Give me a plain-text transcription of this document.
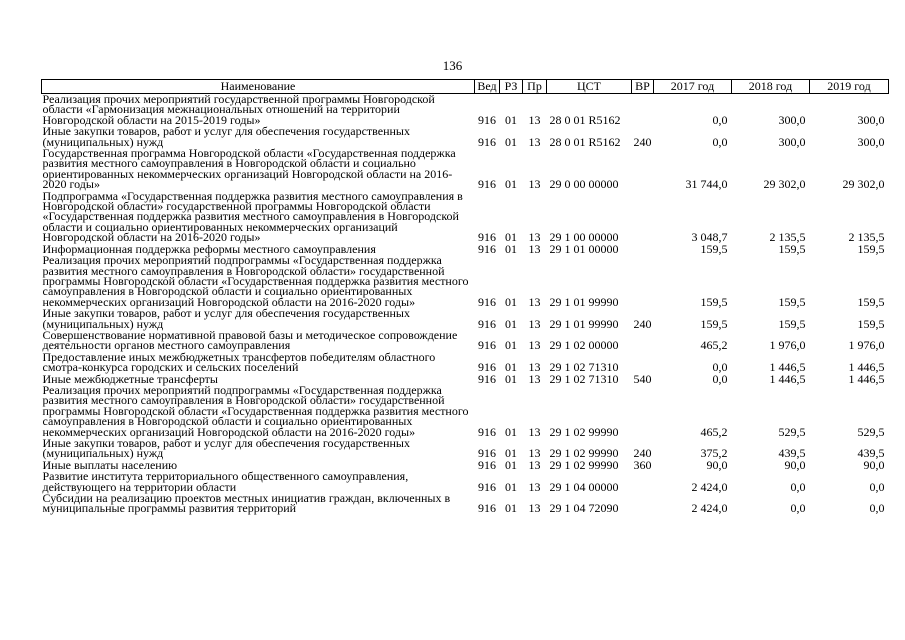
136
Наименование	Вед	РЗ	Пр	ЦСТ	ВР	2017 год	2018 год	2019 год
Реализация прочих мероприятий государственной программы Новгородской области «Гармонизация межнациональных отношений на территории Новгородской области на 2015-2019 годы»	916	01	13	28 0 01 R5162		0,0	300,0	300,0
Иные закупки товаров, работ и услуг для обеспечения государственных (муниципальных) нужд	916	01	13	28 0 01 R5162	240	0,0	300,0	300,0
Государственная программа Новгородской области «Государственная поддержка развития местного самоуправления в Новгородской области и социально ориентированных некоммерческих организаций Новгородской области на 2016-2020 годы»	916	01	13	29 0 00 00000		31 744,0	29 302,0	29 302,0
Подпрограмма «Государственная поддержка развития местного самоуправления в Новгородской области» государственной программы Новгородской области «Государственная поддержка развития местного самоуправления в Новгородской области и социально ориентированных некоммерческих организаций Новгородской области на 2016-2020 годы»	916	01	13	29 1 00 00000		3 048,7	2 135,5	2 135,5
Информационная поддержка реформы местного самоуправления	916	01	13	29 1 01 00000		159,5	159,5	159,5
Реализация прочих мероприятий подпрограммы «Государственная поддержка развития местного самоуправления в Новгородской области» государственной программы Новгородской области «Государственная поддержка развития местного самоуправления в Новгородской области и социально ориентированных некоммерческих организаций Новгородской области на 2016-2020 годы»	916	01	13	29 1 01 99990		159,5	159,5	159,5
Иные закупки товаров, работ и услуг для обеспечения государственных (муниципальных) нужд	916	01	13	29 1 01 99990	240	159,5	159,5	159,5
Совершенствование нормативной правовой базы и методическое сопровождение деятельности органов местного самоуправления	916	01	13	29 1 02 00000		465,2	1 976,0	1 976,0
Предоставление иных межбюджетных трансфертов победителям областного смотра-конкурса городских и сельских поселений	916	01	13	29 1 02 71310		0,0	1 446,5	1 446,5
Иные межбюджетные трансферты	916	01	13	29 1 02 71310	540	0,0	1 446,5	1 446,5
Реализация прочих мероприятий подпрограммы «Государственная поддержка развития местного самоуправления в Новгородской области» государственной программы Новгородской области «Государственная поддержка развития местного самоуправления в Новгородской области и социально ориентированных некоммерческих организаций Новгородской области на 2016-2020 годы»	916	01	13	29 1 02 99990		465,2	529,5	529,5
Иные закупки товаров, работ и услуг для обеспечения государственных (муниципальных) нужд	916	01	13	29 1 02 99990	240	375,2	439,5	439,5
Иные выплаты населению	916	01	13	29 1 02 99990	360	90,0	90,0	90,0
Развитие института территориального общественного самоуправления, действующего на территории области	916	01	13	29 1 04 00000		2 424,0	0,0	0,0
Субсидии на реализацию проектов местных инициатив граждан, включенных в муниципальные программы развития территорий	916	01	13	29 1 04 72090		2 424,0	0,0	0,0
